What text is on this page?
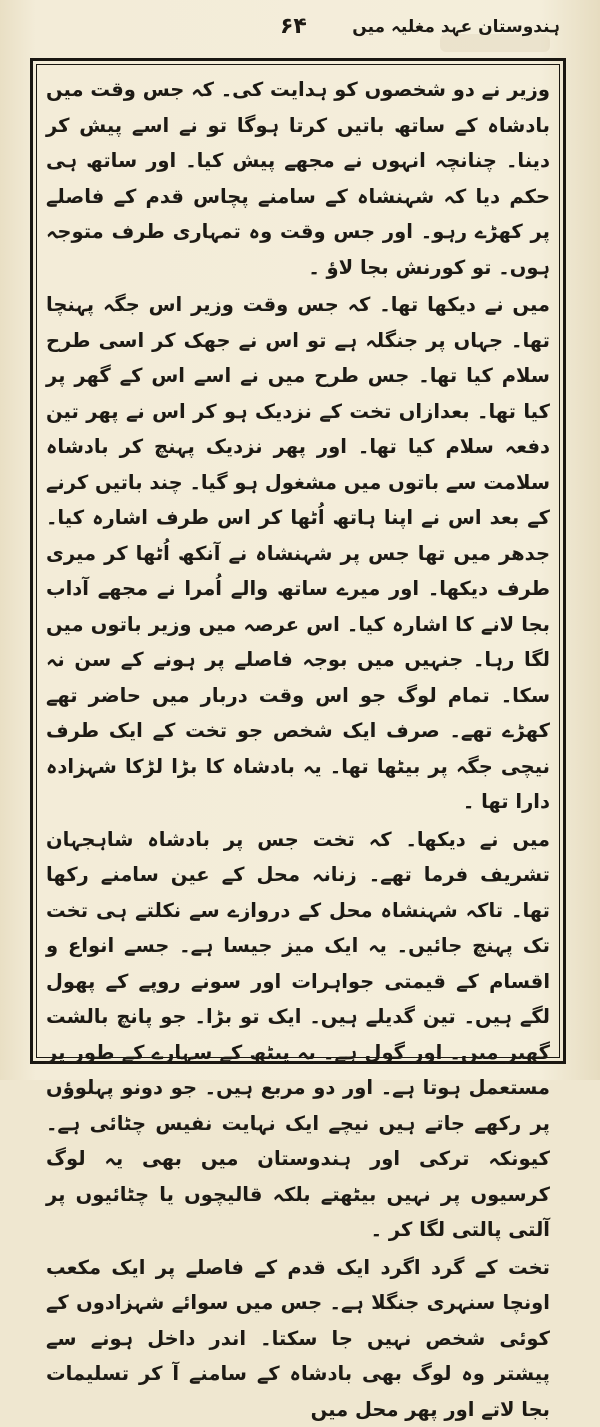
ہندوستان عہد مغلیہ میں
۶۴

وزیر نے دو شخصوں کو ہدایت کی۔ کہ جس وقت میں بادشاہ کے ساتھ باتیں کرتا ہوگا تو نے اسے پیش کر دینا۔ چنانچہ انہوں نے مجھے پیش کیا۔ اور ساتھ ہی حکم دیا کہ شہنشاہ کے سامنے پچاس قدم کے فاصلے پر کھڑے رہو۔ اور جس وقت وہ تمہاری طرف متوجہ ہوں۔ تو کورنش بجا لاؤ ۔

میں نے دیکھا تھا۔ کہ جس وقت وزیر اس جگہ پہنچا تھا۔ جہاں پر جنگلہ ہے تو اس نے جھک کر اسی طرح سلام کیا تھا۔ جس طرح میں نے اسے اس کے گھر پر کیا تھا۔ بعدازاں تخت کے نزدیک ہو کر اس نے پھر تین دفعہ سلام کیا تھا۔ اور پھر نزدیک پہنچ کر بادشاہ سلامت سے باتوں میں مشغول ہو گیا۔ چند باتیں کرنے کے بعد اس نے اپنا ہاتھ اُٹھا کر اس طرف اشارہ کیا۔ جدھر میں تھا جس پر شہنشاہ نے آنکھ اُٹھا کر میری طرف دیکھا۔ اور میرے ساتھ والے اُمرا نے مجھے آداب بجا لانے کا اشارہ کیا۔ اس عرصہ میں وزیر باتوں میں لگا رہا۔ جنہیں میں بوجہ فاصلے پر ہونے کے سن نہ سکا۔ تمام لوگ جو اس وقت دربار میں حاضر تھے کھڑے تھے۔ صرف ایک شخص جو تخت کے ایک طرف نیچی جگہ پر بیٹھا تھا۔ یہ بادشاہ کا بڑا لڑکا شہزادہ دارا تھا ۔

میں نے دیکھا۔ کہ تخت جس پر بادشاہ شاہجہان تشریف فرما تھے۔ زنانہ محل کے عین سامنے رکھا تھا۔ تاکہ شہنشاہ محل کے دروازے سے نکلتے ہی تخت تک پہنچ جائیں۔ یہ ایک میز جیسا ہے۔ جسے انواع و اقسام کے قیمتی جواہرات اور سونے روپے کے پھول لگے ہیں۔ تین گدیلے ہیں۔ ایک تو بڑا۔ جو پانچ بالشت گھیر میں۔ اور گول ہے۔ یہ پیٹھ کے سہارے کے طور پر مستعمل ہوتا ہے۔ اور دو مربع ہیں۔ جو دونو پہلوؤں پر رکھے جاتے ہیں نیچے ایک نہایت نفیس چٹائی ہے۔ کیونکہ ترکی اور ہندوستان میں بھی یہ لوگ کرسیوں پر نہیں بیٹھتے بلکہ قالیچوں یا چٹائیوں پر آلتی پالتی لگا کر ۔

تخت کے گرد اگرد ایک قدم کے فاصلے پر ایک مکعب اونچا سنہری جنگلا ہے۔ جس میں سوائے شہزادوں کے کوئی شخص نہیں جا سکتا۔ اندر داخل ہونے سے پیشتر وہ لوگ بھی بادشاہ کے سامنے آ کر تسلیمات بجا لاتے اور پھر محل میں
